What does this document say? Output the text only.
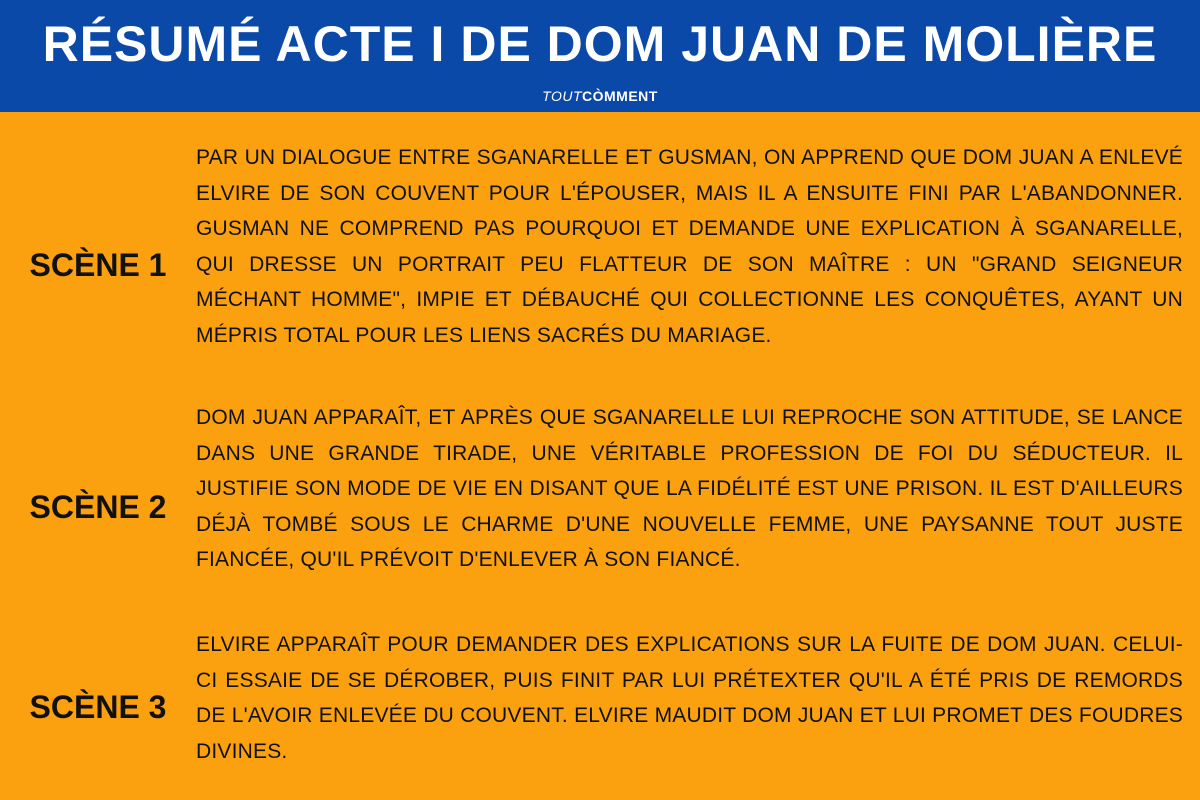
RÉSUMÉ ACTE I DE DOM JUAN DE MOLIÈRE
TOUTCÒMMENT
SCÈNE 1
PAR UN DIALOGUE ENTRE SGANARELLE ET GUSMAN, ON APPREND QUE DOM JUAN A ENLEVÉ ELVIRE DE SON COUVENT POUR L'ÉPOUSER, MAIS IL A ENSUITE FINI PAR L'ABANDONNER. GUSMAN NE COMPREND PAS POURQUOI ET DEMANDE UNE EXPLICATION À SGANARELLE, QUI DRESSE UN PORTRAIT PEU FLATTEUR DE SON MAÎTRE : UN "GRAND SEIGNEUR MÉCHANT HOMME", IMPIE ET DÉBAUCHÉ QUI COLLECTIONNE LES CONQUÊTES, AYANT UN MÉPRIS TOTAL POUR LES LIENS SACRÉS DU MARIAGE.
SCÈNE 2
DOM JUAN APPARAÎT, ET APRÈS QUE SGANARELLE LUI REPROCHE SON ATTITUDE, SE LANCE DANS UNE GRANDE TIRADE, UNE VÉRITABLE PROFESSION DE FOI DU SÉDUCTEUR. IL JUSTIFIE SON MODE DE VIE EN DISANT QUE LA FIDÉLITÉ EST UNE PRISON. IL EST D'AILLEURS DÉJÀ TOMBÉ SOUS LE CHARME D'UNE NOUVELLE FEMME, UNE PAYSANNE TOUT JUSTE FIANCÉE, QU'IL PRÉVOIT D'ENLEVER À SON FIANCÉ.
SCÈNE 3
ELVIRE APPARAÎT POUR DEMANDER DES EXPLICATIONS SUR LA FUITE DE DOM JUAN. CELUI-CI ESSAIE DE SE DÉROBER, PUIS FINIT PAR LUI PRÉTEXTER QU'IL A ÉTÉ PRIS DE REMORDS DE L'AVOIR ENLEVÉE DU COUVENT. ELVIRE MAUDIT DOM JUAN ET LUI PROMET DES FOUDRES DIVINES.
